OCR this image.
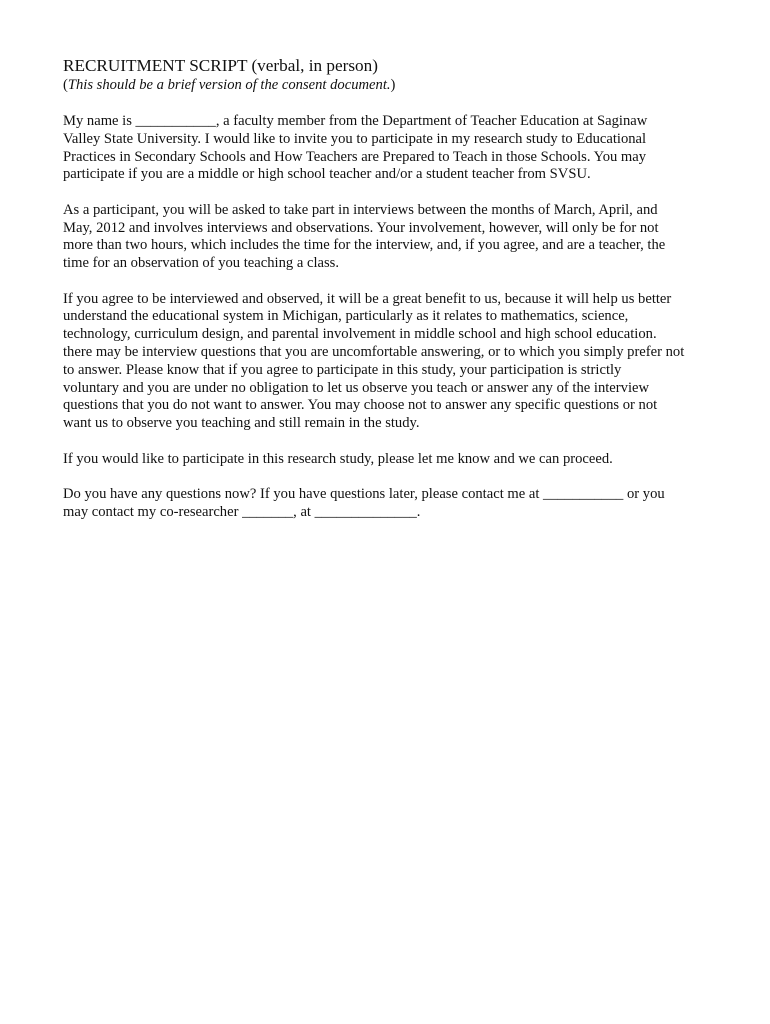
RECRUITMENT SCRIPT (verbal, in person)

(This should be a brief version of the consent document.)

My name is ___________, a faculty member from the Department of Teacher Education at Saginaw
Valley State University. I would like to invite you to participate in my research study to Educational
Practices in Secondary Schools and How Teachers are Prepared to Teach in those Schools. You may
participate if you are a middle or high school teacher and/or a student teacher from SVSU.

As a participant, you will be asked to take part in interviews between the months of March, April, and
May, 2012 and involves interviews and observations. Your involvement, however, will only be for not
more than two hours, which includes the time for the interview, and, if you agree, and are a teacher, the
time for an observation of you teaching a class.

If you agree to be interviewed and observed, it will be a great benefit to us, because it will help us better
understand the educational system in Michigan, particularly as it relates to mathematics, science,
technology, curriculum design, and parental involvement in middle school and high school education.
there may be interview questions that you are uncomfortable answering, or to which you simply prefer not
to answer. Please know that if you agree to participate in this study, your participation is strictly
voluntary and you are under no obligation to let us observe you teach or answer any of the interview
questions that you do not want to answer. You may choose not to answer any specific questions or not
want us to observe you teaching and still remain in the study.

If you would like to participate in this research study, please let me know and we can proceed.

Do you have any questions now? If you have questions later, please contact me at ___________ or you
may contact my co-researcher _______, at ______________.
